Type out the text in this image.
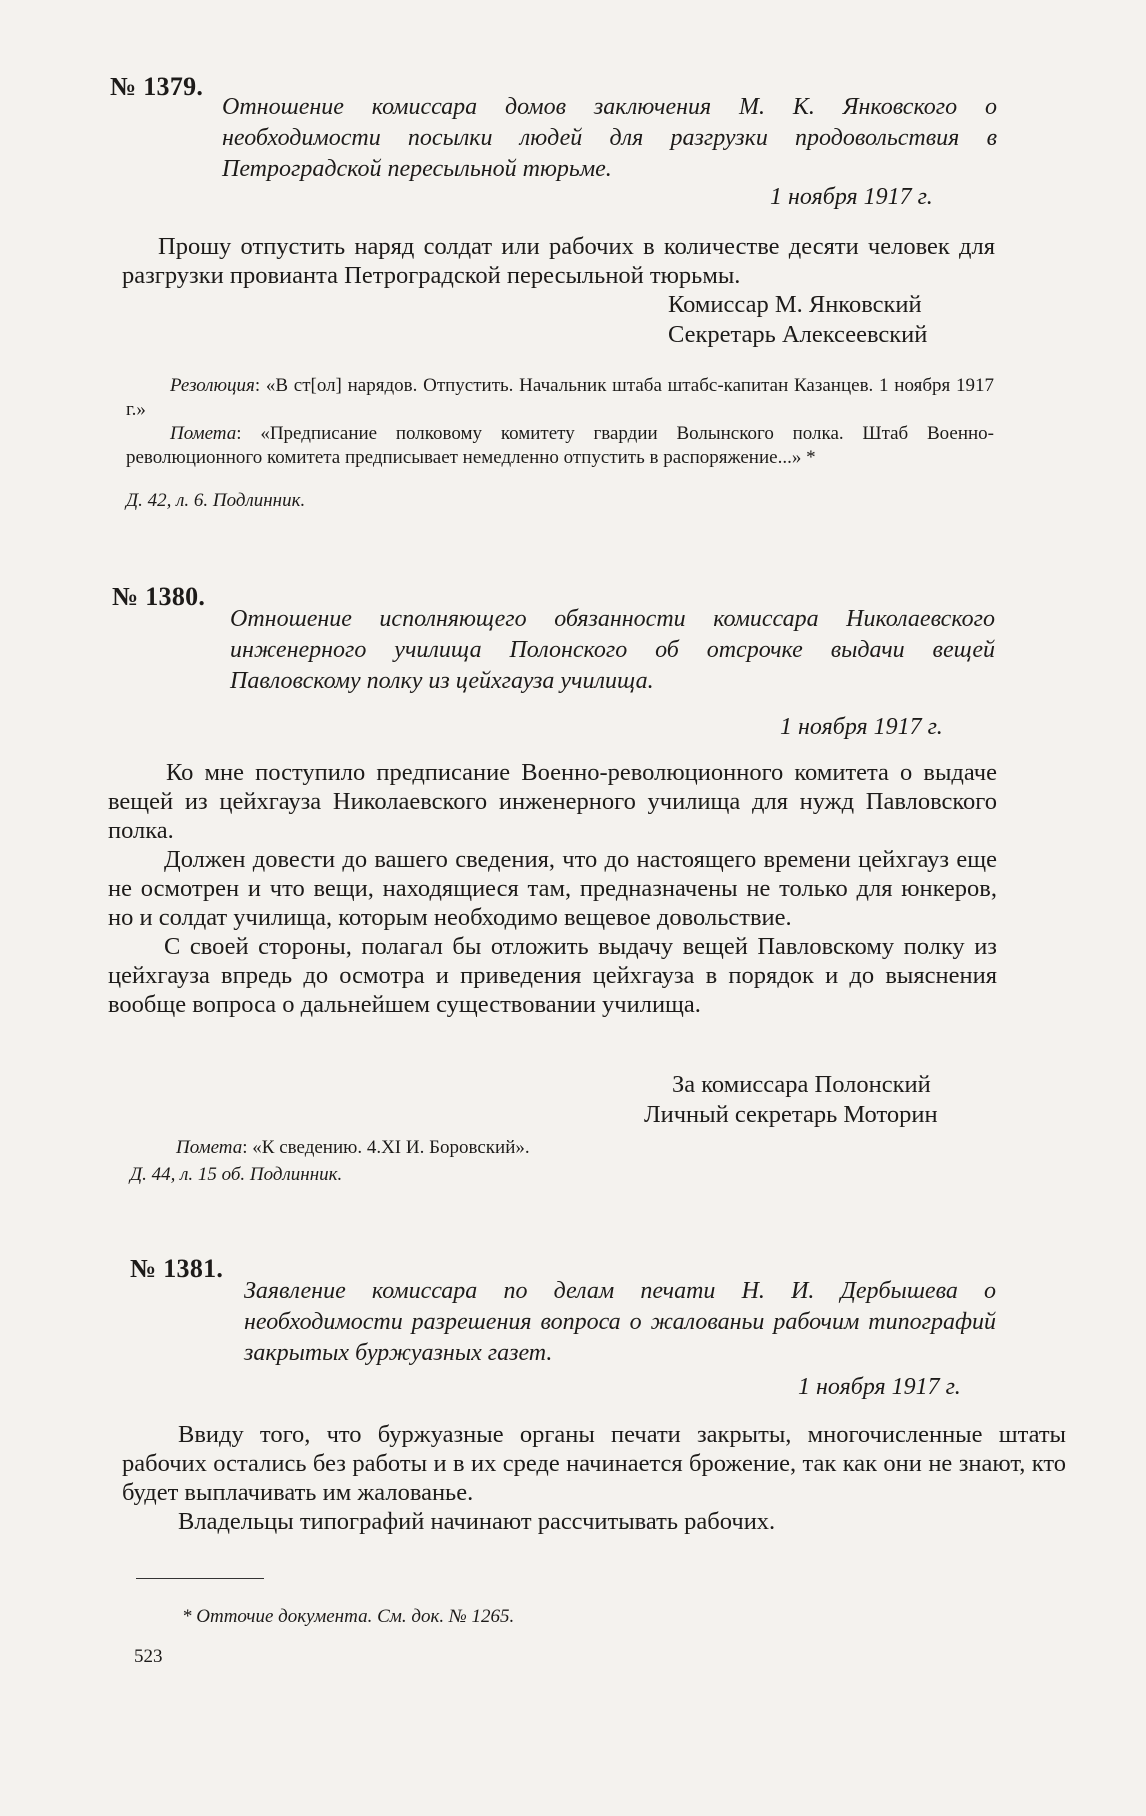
№ 1379.
Отношение комиссара домов заключения М. К. Янковского о необходимости посылки людей для разгрузки продовольствия в Петроградской пересыльной тюрьме.
1 ноября 1917 г.

Прошу отпустить наряд солдат или рабочих в количестве десяти человек для разгрузки провианта Петроградской пересыльной тюрьмы.

Комиссар М. Янковский
Секретарь Алексеевский

Резолюция: «В ст[ол] нарядов. Отпустить. Начальник штаба штабс-капитан Казанцев. 1 ноября 1917 г.»

Помета: «Предписание полковому комитету гвардии Волынского полка. Штаб Военно-революционного комитета предписывает немедленно отпустить в распоряжение...» *

Д. 42, л. 6. Подлинник.
№ 1380.
Отношение исполняющего обязанности комиссара Николаевского инженерного училища Полонского об отсрочке выдачи вещей Павловскому полку из цейхгауза училища.
1 ноября 1917 г.

Ко мне поступило предписание Военно-революционного комитета о выдаче вещей из цейхгауза Николаевского инженерного училища для нужд Павловского полка.

Должен довести до вашего сведения, что до настоящего времени цейхгауз еще не осмотрен и что вещи, находящиеся там, предназначены не только для юнкеров, но и солдат училища, которым необходимо вещевое довольствие.

С своей стороны, полагал бы отложить выдачу вещей Павловскому полку из цейхгауза впредь до осмотра и приведения цейхгауза в порядок и до выяснения вообще вопроса о дальнейшем существовании училища.

За комиссара Полонский
Личный секретарь Моторин
Помета: «К сведению. 4.XI И. Боровский».
Д. 44, л. 15 об. Подлинник.
№ 1381.
Заявление комиссара по делам печати Н. И. Дербышева о необходимости разрешения вопроса о жалованьи рабочим типографий закрытых буржуазных газет.
1 ноября 1917 г.

Ввиду того, что буржуазные органы печати закрыты, многочисленные штаты рабочих остались без работы и в их среде начинается брожение, так как они не знают, кто будет выплачивать им жалованье.

Владельцы типографий начинают рассчитывать рабочих.

* Отточие документа. См. док. № 1265.
523
